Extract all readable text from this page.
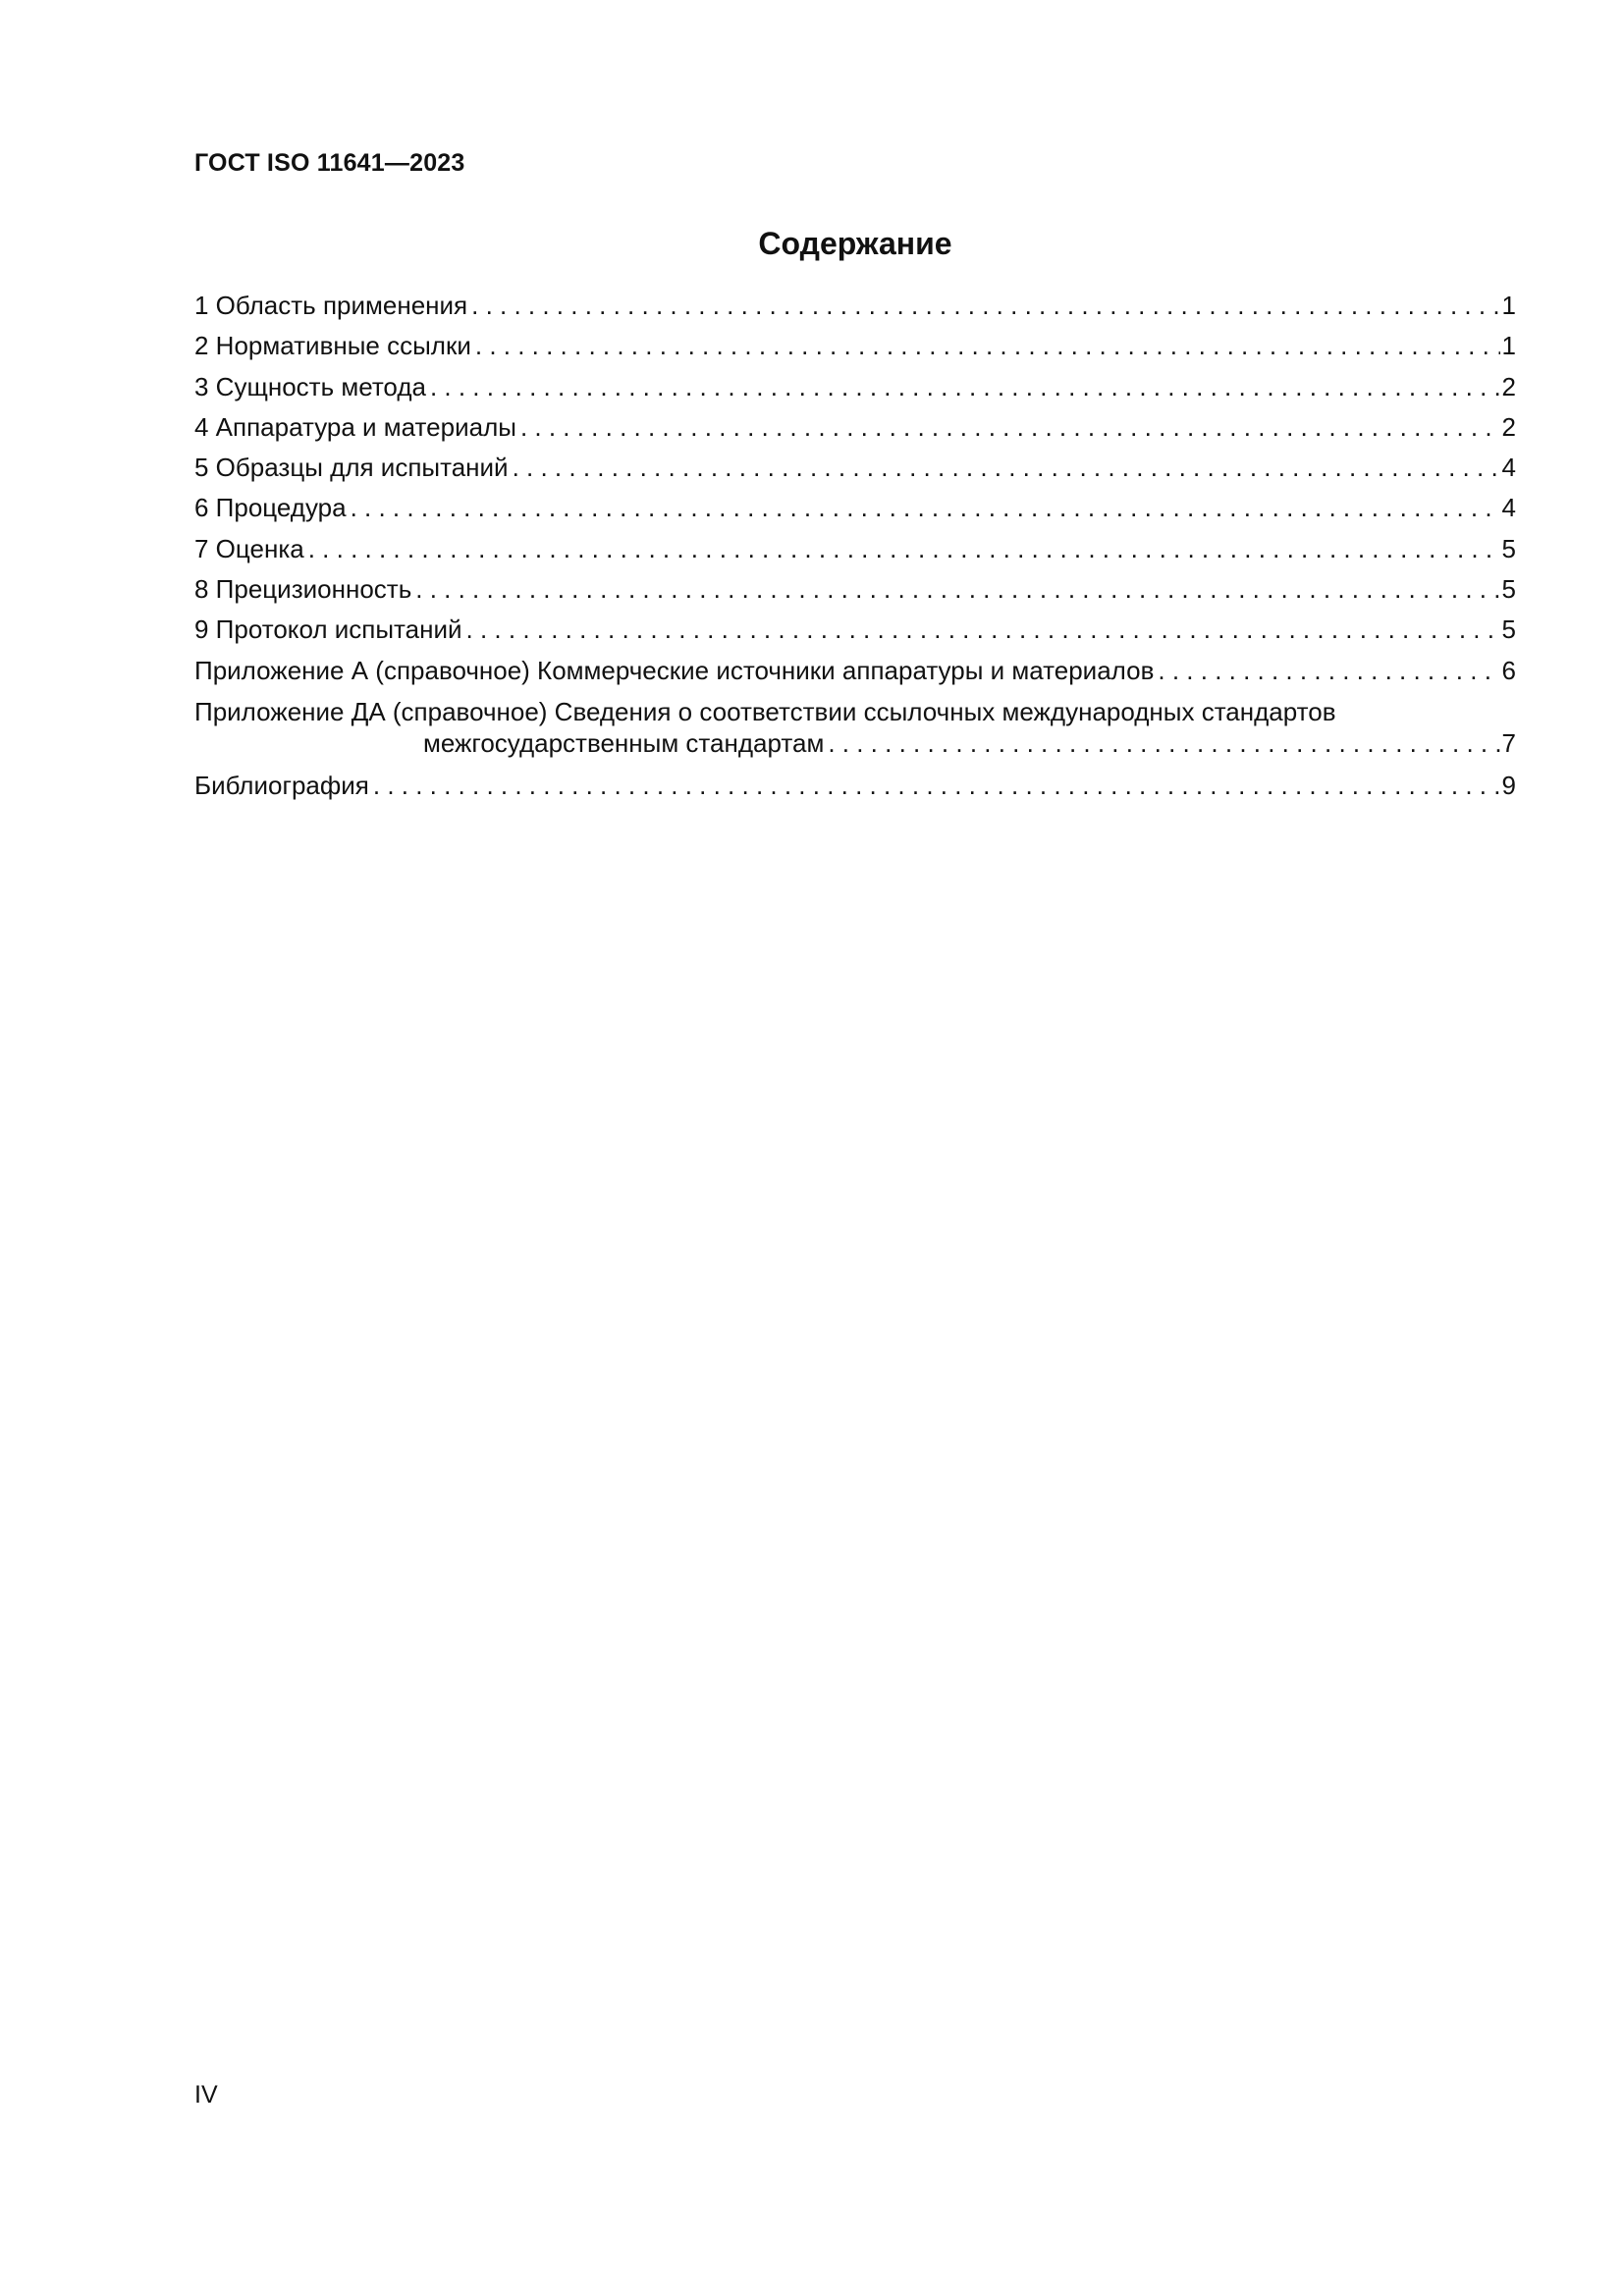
ГОСТ ISO 11641—2023
Содержание
1 Область применения . . .	1
2 Нормативные ссылки . . .	1
3 Сущность метода . . .	2
4 Аппаратура и материалы . . .	2
5 Образцы для испытаний . . .	4
6 Процедура . . .	4
7 Оценка . . .	5
8 Прецизионность . . .	5
9 Протокол испытаний . . .	5
Приложение А (справочное) Коммерческие источники аппаратуры и материалов . . .	6
Приложение ДА (справочное) Сведения о соответствии ссылочных международных стандартов
межгосударственным стандартам . . .	7
Библиография . . .	9
IV
